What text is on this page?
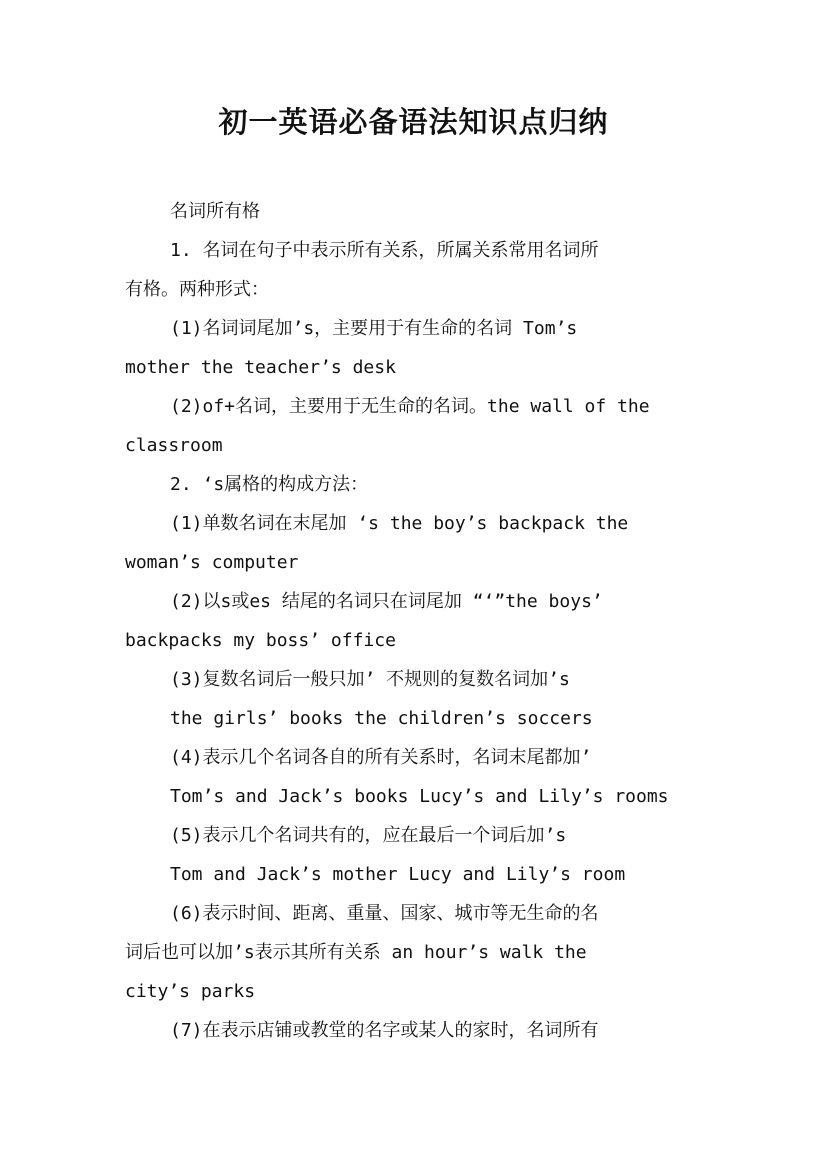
初一英语必备语法知识点归纳
名词所有格
1. 名词在句子中表示所有关系，所属关系常用名词所
有格。两种形式：
(1)名词词尾加’s，主要用于有生命的名词 Tom’s
mother the teacher’s desk
(2)of+名词，主要用于无生命的名词。the wall of the
classroom
2. ‘s属格的构成方法：
(1)单数名词在末尾加 ‘s the boy’s backpack the
woman’s computer
(2)以s或es 结尾的名词只在词尾加 “‘”the boys’
backpacks my boss’ office
(3)复数名词后一般只加’ 不规则的复数名词加’s
the girls’ books the children’s soccers
(4)表示几个名词各自的所有关系时，名词末尾都加’
Tom’s and Jack’s books Lucy’s and Lily’s rooms
(5)表示几个名词共有的，应在最后一个词后加’s
Tom and Jack’s mother Lucy and Lily’s room
(6)表示时间、距离、重量、国家、城市等无生命的名
词后也可以加’s表示其所有关系 an hour’s walk the
city’s parks
(7)在表示店铺或教堂的名字或某人的家时，名词所有
